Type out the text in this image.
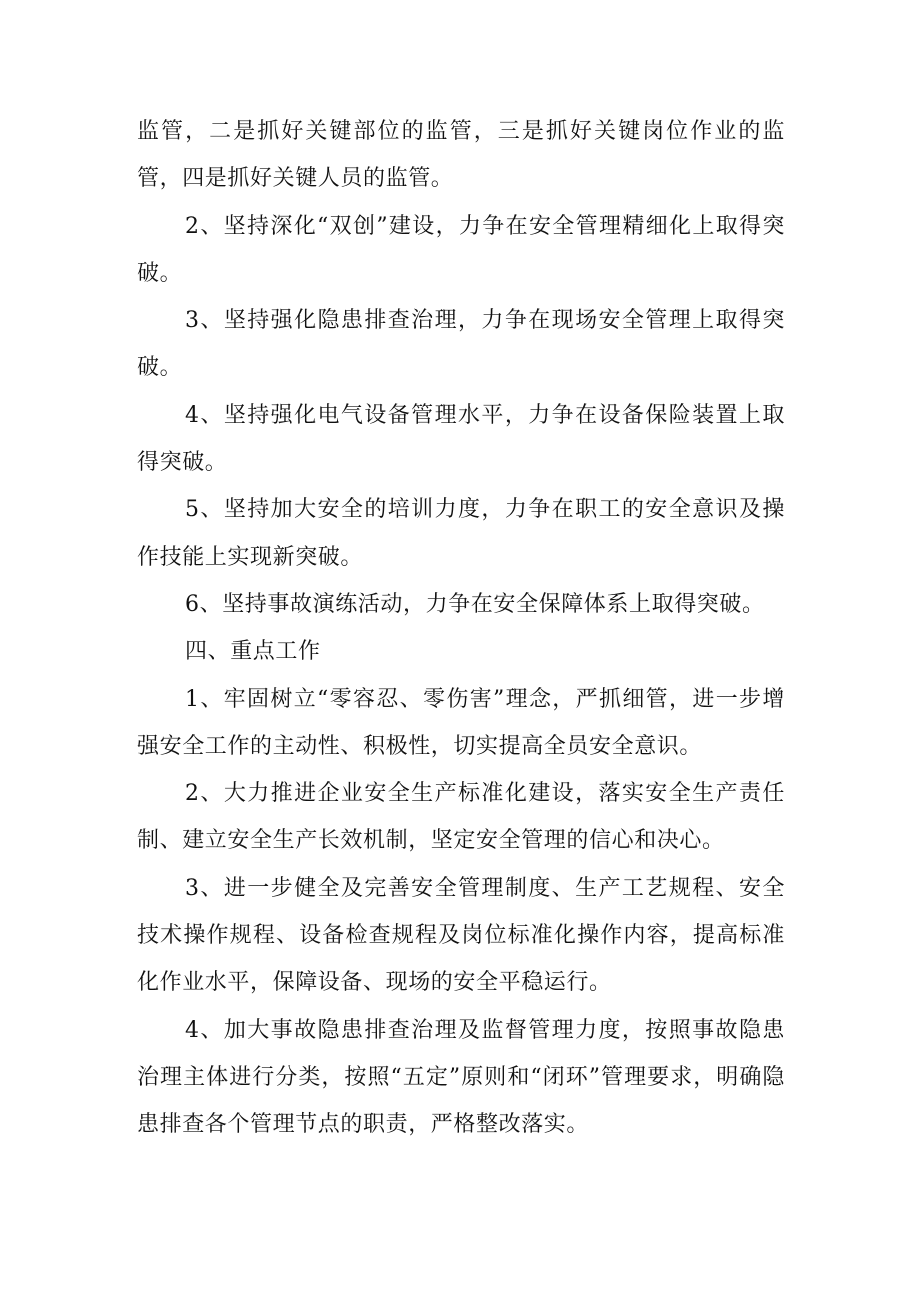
监管，二是抓好关键部位的监管，三是抓好关键岗位作业的监管，四是抓好关键人员的监管。

2、坚持深化“双创”建设，力争在安全管理精细化上取得突破。

3、坚持强化隐患排查治理，力争在现场安全管理上取得突破。

4、坚持强化电气设备管理水平，力争在设备保险装置上取得突破。

5、坚持加大安全的培训力度，力争在职工的安全意识及操作技能上实现新突破。

6、坚持事故演练活动，力争在安全保障体系上取得突破。

四、重点工作

1、牢固树立“零容忍、零伤害”理念，严抓细管，进一步增强安全工作的主动性、积极性，切实提高全员安全意识。

2、大力推进企业安全生产标准化建设，落实安全生产责任制、建立安全生产长效机制，坚定安全管理的信心和决心。

3、进一步健全及完善安全管理制度、生产工艺规程、安全技术操作规程、设备检查规程及岗位标准化操作内容，提高标准化作业水平，保障设备、现场的安全平稳运行。

4、加大事故隐患排查治理及监督管理力度，按照事故隐患治理主体进行分类，按照“五定”原则和“闭环”管理要求，明确隐患排查各个管理节点的职责，严格整改落实。
